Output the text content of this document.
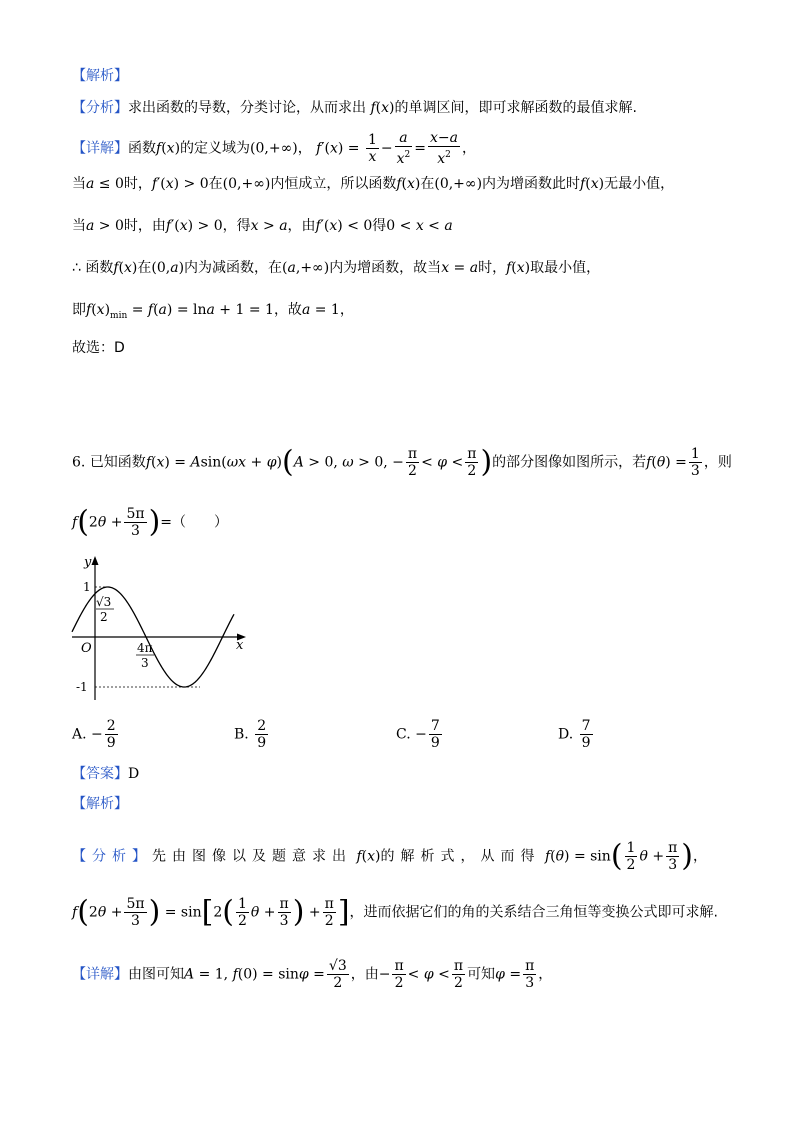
【解析】
【分析】求出函数的导数，分类讨论，从而求出 f(x)的单调区间，即可求解函数的最值求解.
【详解】函数f(x)的定义域为(0,+∞)， $f'(x) = \frac{1}{x} - \frac{a}{x^2} = \frac{x-a}{x^2}$ ，
当a ≤ 0时，f′(x) > 0在(0,+∞)内恒成立，所以函数f(x)在(0,+∞)内为增函数此时f(x)无最小值，
当a > 0时，由f′(x) > 0，得x > a，由f′(x) < 0得0 < x < a
∴ 函数f(x)在(0,a)内为减函数，在(a,+∞)内为增函数，故当x = a时，f(x)取最小值，
即$f(x)_{min} = f(a) = \ln a + 1 = 1$，故a = 1，
故选：D
6. 已知函数f(x) = Asin(ωx + φ)(A > 0, ω > 0, − $\frac{\pi}{2} < \varphi < \frac{\pi}{2}$ )的部分图像如图所示，若$f(\theta) = \frac{1}{3}$ ，则
$f(2\theta + \frac{5\pi}{3}$ )=（　　）
y
x
O
1
-1
√3
2
4π
3
A. − $\frac{2}{9}$	B. $\frac{2}{9}$	C. − $\frac{7}{9}$	D. $\frac{7}{9}$
【答案】D
【解析】
【分析】先由图像以及题意求出 f(x)的解析式，从而得 $f(\theta) = \sin( \frac{1}{2}$ $\theta + \frac{\pi}{3}$ )，
$f(2\theta + \frac{5\pi}{3}$ ) = $\sin[2( \frac{1}{2}$ $\theta + \frac{\pi}{3}$ ) + $\frac{\pi}{2}$ ]，进而依据它们的角的关系结合三角恒等变换公式即可求解.
【详解】由图可知A = 1, $f(0) = \sin\varphi = \frac{√3}{2}$ ，由− $\frac{\pi}{2} < \varphi < \frac{\pi}{2}$ 可知$\varphi = \frac{\pi}{3}$ ，
